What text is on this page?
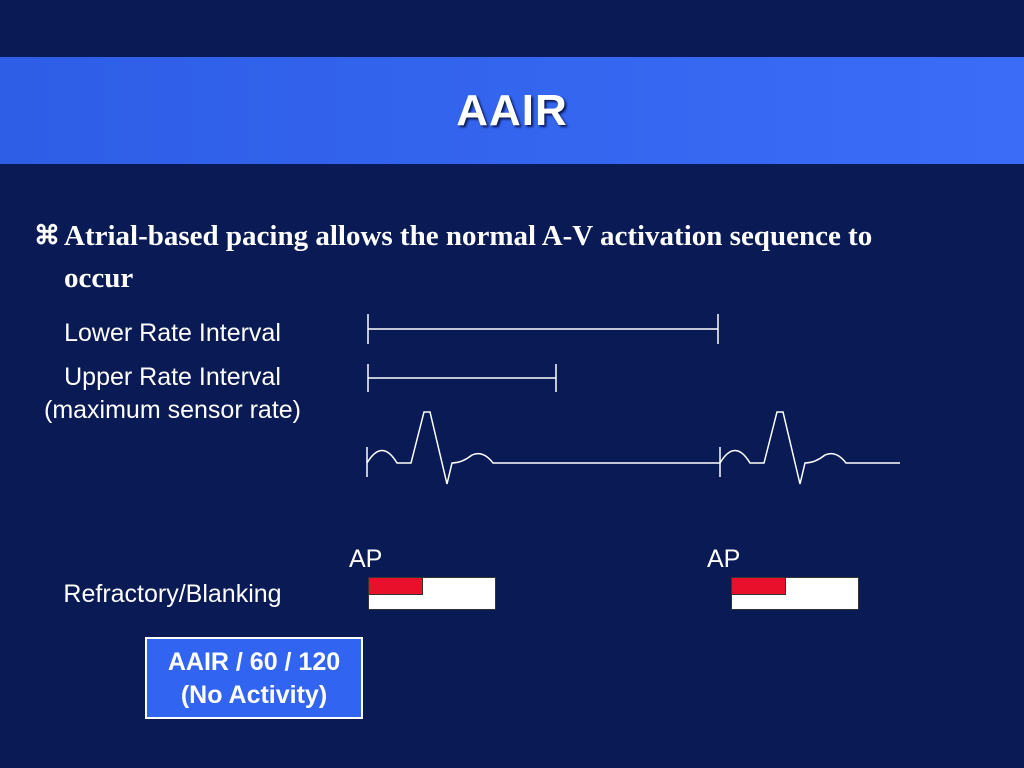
AAIR
⌘ Atrial-based pacing allows the normal A-V activation sequence to occur
Lower Rate Interval
Upper Rate Interval
(maximum sensor rate)
Refractory/Blanking
AP	AP
AAIR / 60 / 120
(No Activity)
